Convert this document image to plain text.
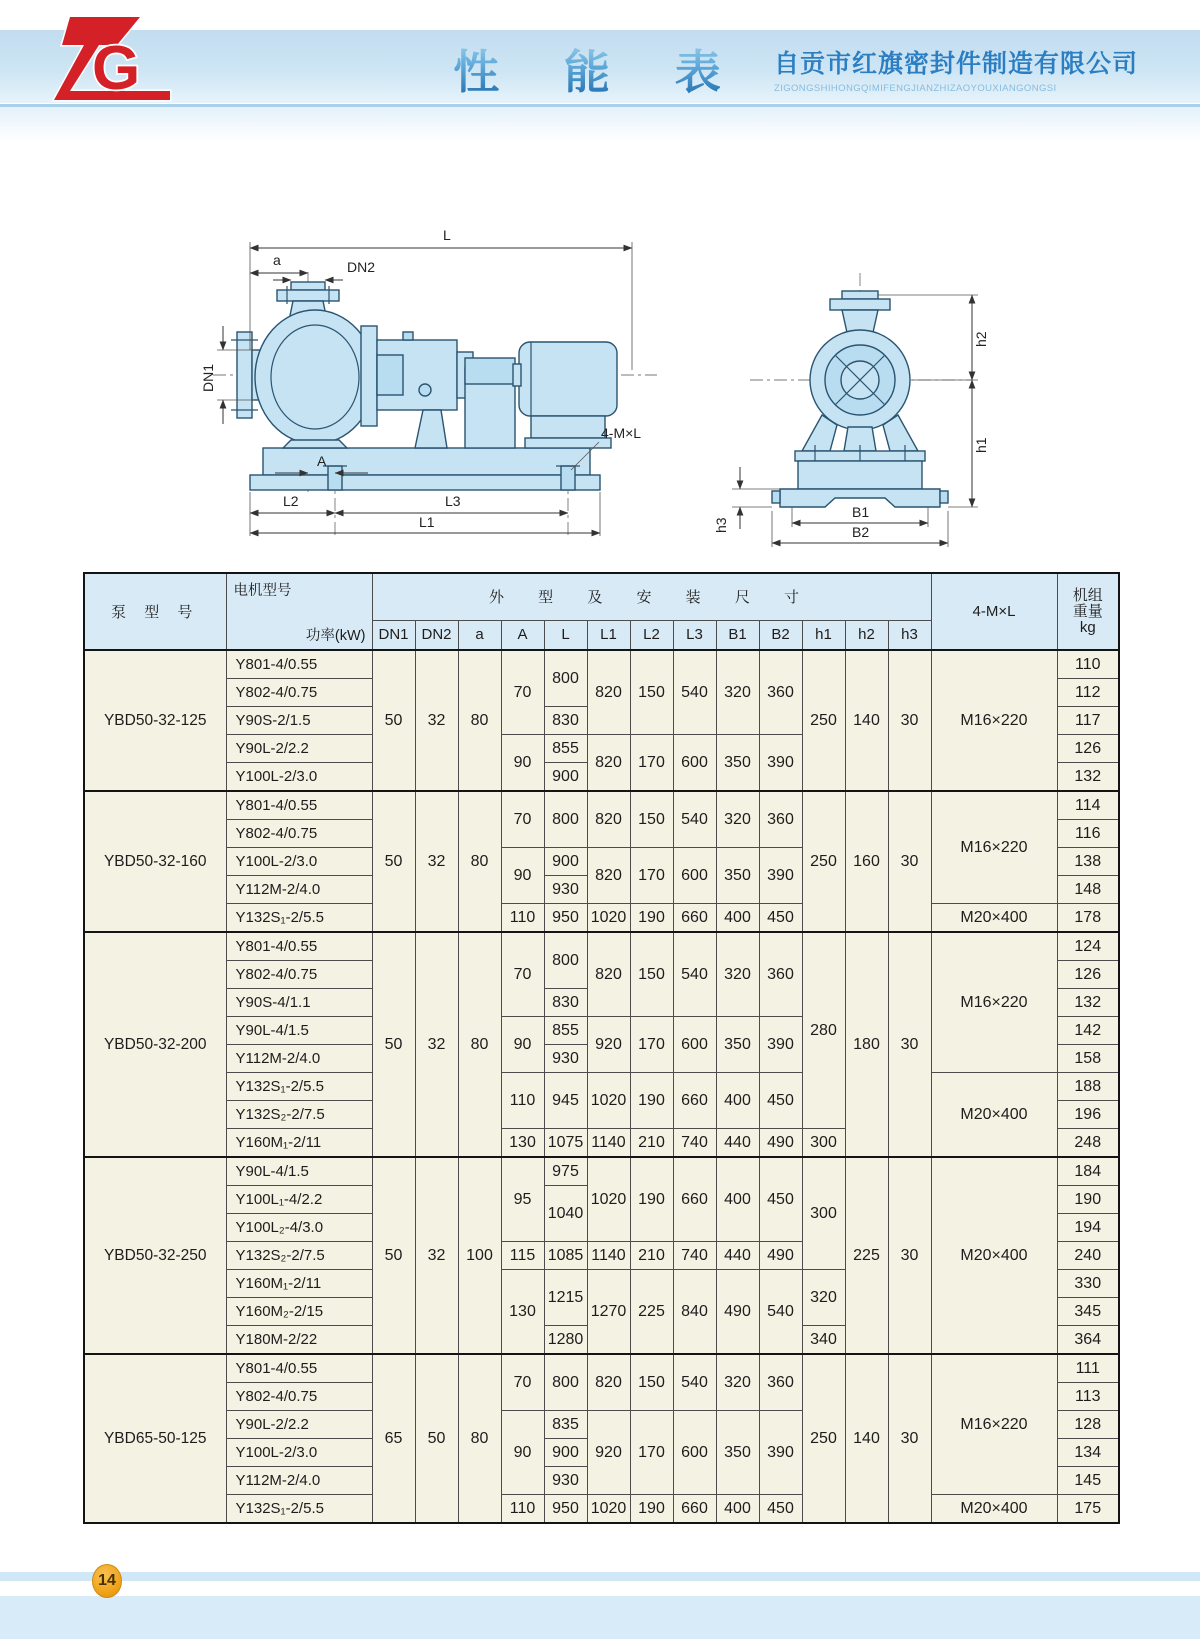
G	性 能 表	自贡市红旗密封件制造有限公司
ZIGONGSHIHONGQIMIFENGJIANZHIZAOYOUXIANGONGSI
L
a	DN2
DN1
A
4-M×L
L2	L3
L1
h2
h1
h3
B1
B2
泵 型 号	电机型号
功率(kW)	外 型 及 安 装 尺 寸													4-M×L	机组
重量
kg

		DN1	DN2	a	A	L	L1	L2	L3	B1	B2	h1	h2	h3		
YBD50-32-125	Y801-4/0.55	50	32	80	70	800	820	150	540	320	360	250	140	30	M16×220	110
	Y802-4/0.75															112
	Y90S-2/1.5					830										117
	Y90L-2/2.2				90	855	820	170	600	350	390					126
	Y100L-2/3.0					900										132
YBD50-32-160	Y801-4/0.55	50	32	80	70	800	820	150	540	320	360	250	160	30	M16×220	114
	Y802-4/0.75															116
	Y100L-2/3.0				90	900	820	170	600	350	390					138
	Y112M-2/4.0					930										148
	Y132S₁-2/5.5				110	950	1020	190	660	400	450				M20×400	178
YBD50-32-200	Y801-4/0.55	50	32	80	70	800	820	150	540	320	360	280	180	30	M16×220	124
	Y802-4/0.75															126
	Y90S-4/1.1					830										132
	Y90L-4/1.5				90	855	920	170	600	350	390					142
	Y112M-2/4.0					930										158
	Y132S₁-2/5.5				110	945	1020	190	660	400	450				M20×400	188
	Y132S₂-2/7.5															196
	Y160M₁-2/11				130	1075	1140	210	740	440	490	300				248
YBD50-32-250	Y90L-4/1.5	50	32	100	95	975	1020	190	660	400	450	300	225	30	M20×400	184
	Y100L₁-4/2.2					1040										190
	Y100L₂-4/3.0															194
	Y132S₂-2/7.5				115	1085	1140	210	740	440	490					240
	Y160M₁-2/11				130	1215	1270	225	840	490	540	320				330
	Y160M₂-2/15															345
	Y180M-2/22					1280						340				364
YBD65-50-125	Y801-4/0.55	65	50	80	70	800	820	150	540	320	360	250	140	30	M16×220	111
	Y802-4/0.75															113
	Y90L-2/2.2				90	835	920	170	600	350	390					128
	Y100L-2/3.0					900										134
	Y112M-2/4.0					930										145
	Y132S₁-2/5.5				110	950	1020	190	660	400	450				M20×400	175
14
